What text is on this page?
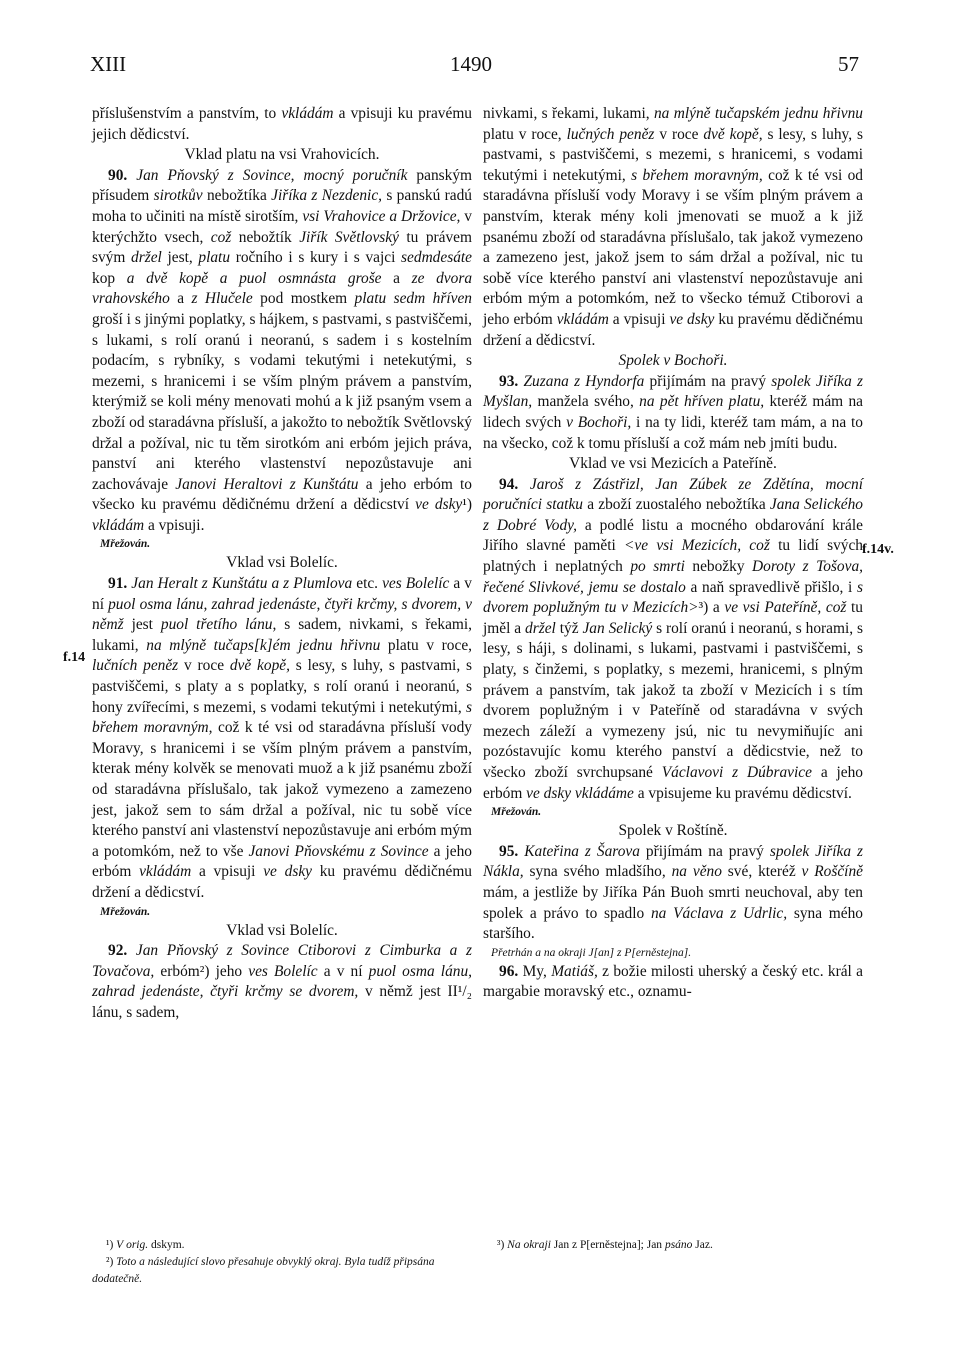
XIII	1490	57

příslušenstvím a panstvím, to vkládám a vpisuji ku pravému jejich dědicství.

Vklad platu na vsi Vrahovicích.

90. Jan Pňovský z Sovince, mocný poručník panským přísudem sirotkův nebožtíka Jiříka z Nezdenic, s panskú radú moha to učiniti na místě sirotším, vsi Vrahovice a Držovice, v kterýchžto vsech, což nebožtík Jiřík Světlovský tu právem svým držel jest, platu ročního i s kury i s vajci sedmdesáte kop a dvě kopě a puol osmnásta groše a ze dvora vrahovského a z Hlučele pod mostkem platu sedm hříven groší i s jinými poplatky, s hájkem, s pastvami, s pastviščemi, s lukami, s rolí oranú i neoranú, s sadem i s kostelním podacím, s rybníky, s vodami tekutými i netekutými, s mezemi, s hranicemi i se vším plným právem a panstvím, kterýmiž se koli mény menovati mohú a k již psaným vsem a zboží od staradávna přísluší, a jakožto to nebožtík Světlovský držal a požíval, nic tu těm sirotkóm ani erbóm jejich práva, panství ani kterého vlastenství nepozůstavuje ani zachovávaje Janovi Heraltovi z Kunštátu a jeho erbóm to všecko ku pravému dědičnému držení a dědicství ve dsky¹) vkládám a vpisuji.

Mřežován.

Vklad vsi Bolelíc.

91. Jan Heralt z Kunštátu a z Plumlova etc. ves Bolelíc a v ní puol osma lánu, zahrad jedenáste, čtyři krčmy, s dvorem, v němž jest puol třetího lánu, s sadem, nivkami, s řekami, lukami, na mlýně tučaps[k]ém jednu hřivnu platu v roce, lučních peněz v roce dvě kopě, s lesy, s luhy, s pastvami, s pastviščemi, s platy a s poplatky, s rolí oranú i neoranú, s hony zvířecími, s mezemi, s vodami tekutými i netekutými, s břehem moravným, což k té vsi od staradávna přísluší vody Moravy, s hranicemi i se vším plným právem a panstvím, kterak mény kolvěk se menovati muož a k již psanému zboží od staradávna příslušalo, tak jakož vymezeno a zamezeno jest, jakož sem to sám držal a požíval, nic tu sobě více kterého panství ani vlastenství nepozůstavuje ani erbóm mým a potomkóm, než to vše Janovi Pňovskému z Sovince a jeho erbóm vkládám a vpisuji ve dsky ku pravému dědičnému držení a dědicství.

Mřežován.

Vklad vsi Bolelíc.

92. Jan Pňovský z Sovince Ctiborovi z Cimburka a z Tovačova, erbóm²) jeho ves Bolelíc a v ní puol osma lánu, zahrad jedenáste, čtyři krčmy se dvorem, v němž jest II¹/₂ lánu, s sadem,

nivkami, s řekami, lukami, na mlýně tučapském jednu hřivnu platu v roce, lučných peněz v roce dvě kopě, s lesy, s luhy, s pastvami, s pastviščemi, s mezemi, s hranicemi, s vodami tekutými i netekutými, s břehem moravným, což k té vsi od staradávna přísluší vody Moravy i se vším plným právem a panstvím, kterak mény koli jmenovati se muož a k již psanému zboží od staradávna příslušalo, tak jakož vymezeno a zamezeno jest, jakož jsem to sám držal a požíval, nic tu sobě více kterého panství ani vlastenství nepozůstavuje ani erbóm mým a potomkóm, než to všecko témuž Ctiborovi a jeho erbóm vkládám a vpisuji ve dsky ku pravému dědičnému držení a dědicství.

Spolek v Bochoři.

93. Zuzana z Hyndorfa přijímám na pravý spolek Jiříka z Myšlan, manžela svého, na pět hříven platu, kteréž mám na lidech svých v Bochoři, i na ty lidi, kteréž tam mám, a na to na všecko, což k tomu přísluší a což mám neb jmíti budu.

Vklad ve vsi Mezicích a Pateříně.

94. Jaroš z Zástřizl, Jan Zúbek ze Zdětína, mocní poručníci statku a zboží zuostalého nebožtíka Jana Selického z Dobré Vody, a podlé listu a mocného obdarování krále Jiřího slavné paměti <ve vsi Mezicích, což tu lidí svých platných i neplatných po smrti nebožky Doroty z Tošova, řečené Slivkové, jemu se dostalo a naň spravedlivě přišlo, i s dvorem poplužným tu v Mezicích>³) a ve vsi Pateříně, což tu jměl a držel týž Jan Selický s rolí oranú i neoranú, s horami, s lesy, s háji, s dolinami, s lukami, pastvami i pastviščemi, s platy, s činžemi, s poplatky, s mezemi, hranicemi, s plným právem a panstvím, tak jakož ta zboží v Mezicích i s tím dvorem poplužným i v Pateříně od staradávna v svých mezech záleží a vymezeny jsú, nic tu nevymiňujíc ani pozóstavujíc komu kterého panství a dědicstvie, než to všecko zboží svrchupsané Václavovi z Dúbravice a jeho erbóm ve dsky vkládáme a vpisujeme ku pravému dědicství.

Mřežován.

Spolek v Roštíně.

95. Kateřina z Šarova přijímám na pravý spolek Jiříka z Nákla, syna svého mladšího, na věno své, kteréž v Roščíně mám, a jestliže by Jiříka Pán Buoh smrti neuchoval, aby ten spolek a právo to spadlo na Václava z Udrlic, syna mého staršího.

Přetrhán a na okraji J[an] z P[erněstejna].

96. My, Matiáš, z božie milosti uherský a český etc. král a margabie moravský etc., oznamu-

f.14
f.14v.

¹) V orig. dskym.

²) Toto a následující slovo přesahuje obvyklý okraj. Byla tudíž připsána dodatečně.

³) Na okraji Jan z P[erněstejna]; Jan psáno Jaz.
